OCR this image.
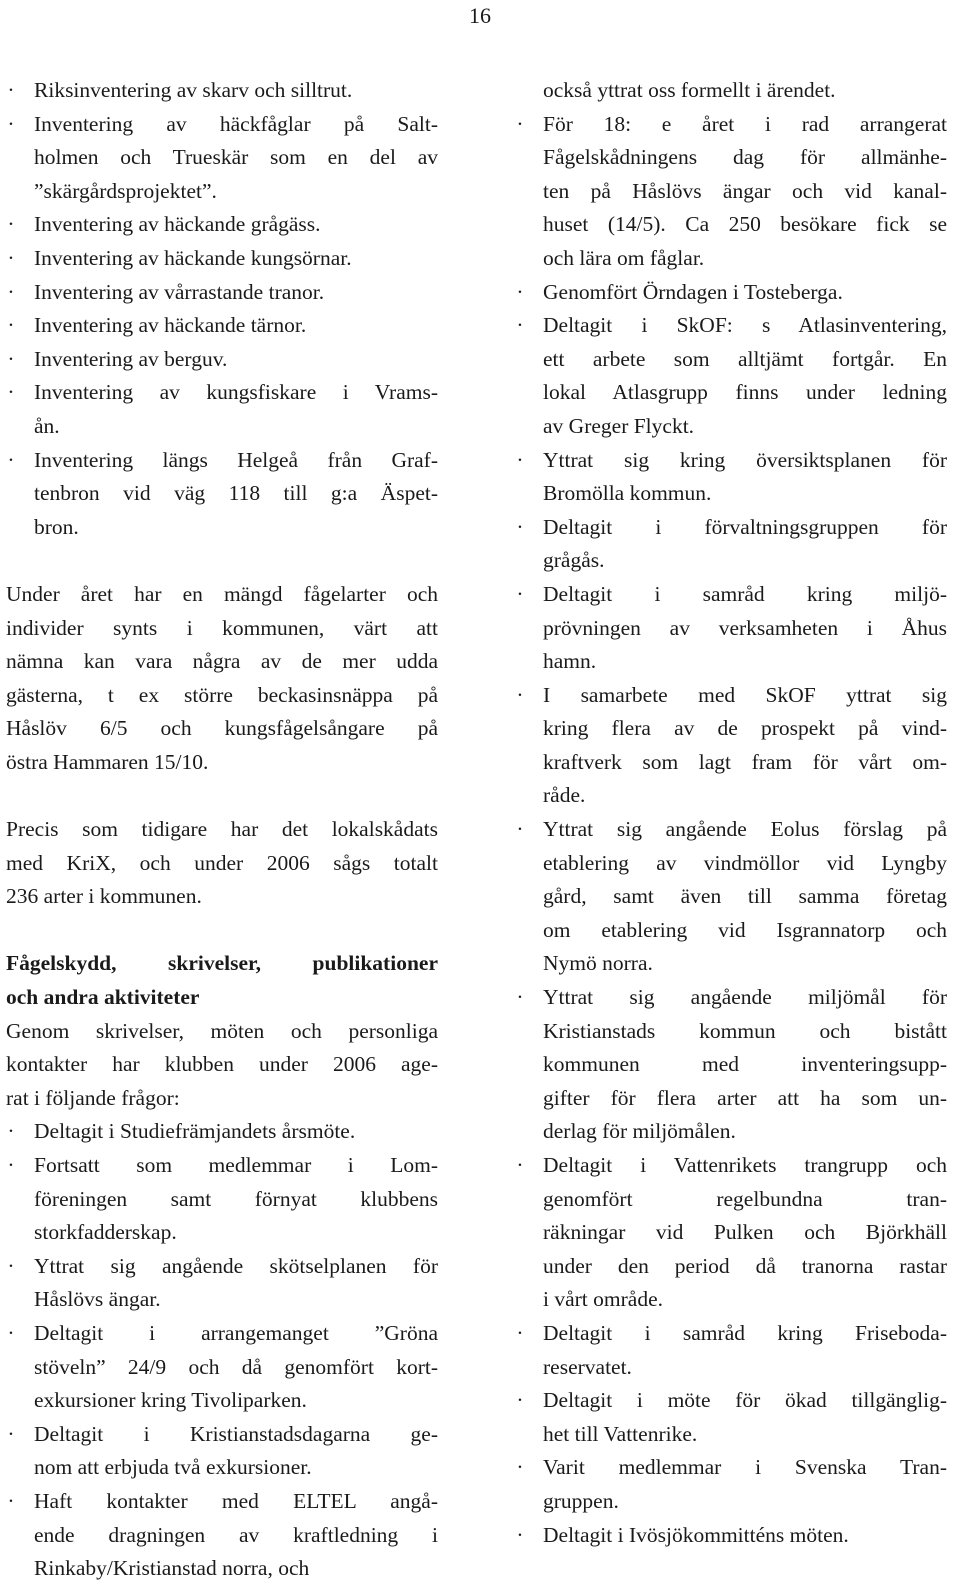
16
· Riksinventering av skarv och silltrut.
· Inventering av häckfåglar på Salt-
holmen och Trueskär som en del av
”skärgårdsprojektet”.
· Inventering av häckande grågäss.
· Inventering av häckande kungsörnar.
· Inventering av vårrastande tranor.
· Inventering av häckande tärnor.
· Inventering av berguv.
· Inventering av kungsfiskare i Vrams-
ån.
· Inventering längs Helgeå från Graf-
tenbron vid väg 118 till g:a Äspet-
bron.
Under året har en mängd fågelarter och
individer synts i kommunen, värt att
nämna kan vara några av de mer udda
gästerna, t ex större beckasinsnäppa på
Håslöv 6/5 och kungsfågelsångare på
östra Hammaren 15/10.
Precis som tidigare har det lokalskådats
med KriX, och under 2006 sågs totalt
236 arter i kommunen.
Fågelskydd, skrivelser, publikationer
och andra aktiviteter
Genom skrivelser, möten och personliga
kontakter har klubben under 2006 age-
rat i följande frågor:
· Deltagit i Studiefrämjandets årsmöte.
· Fortsatt som medlemmar i Lom-
föreningen samt förnyat klubbens
storkfadderskap.
· Yttrat sig angående skötselplanen för
Håslövs ängar.
· Deltagit i arrangemanget ”Gröna
stöveln” 24/9 och då genomfört kort-
exkursioner kring Tivoliparken.
· Deltagit i Kristianstadsdagarna ge-
nom att erbjuda två exkursioner.
· Haft kontakter med ELTEL angå-
ende dragningen av kraftledning i
Rinkaby/Kristianstad norra, och
också yttrat oss formellt i ärendet.
· För 18: e året i rad arrangerat
Fågelskådningens dag för allmänhe-
ten på Håslövs ängar och vid kanal-
huset (14/5). Ca 250 besökare fick se
och lära om fåglar.
· Genomfört Örndagen i Tosteberga.
· Deltagit i SkOF: s Atlasinventering,
ett arbete som alltjämt fortgår. En
lokal Atlasgrupp finns under ledning
av Greger Flyckt.
· Yttrat sig kring översiktsplanen för
Bromölla kommun.
· Deltagit i förvaltningsgruppen för
grågås.
· Deltagit i samråd kring miljö-
prövningen av verksamheten i Åhus
hamn.
· I samarbete med SkOF yttrat sig
kring flera av de prospekt på vind-
kraftverk som lagt fram för vårt om-
råde.
· Yttrat sig angående Eolus förslag på
etablering av vindmöllor vid Lyngby
gård, samt även till samma företag
om etablering vid Isgrannatorp och
Nymö norra.
· Yttrat sig angående miljömål för
Kristianstads kommun och bistått
kommunen med inventeringsupp-
gifter för flera arter att ha som un-
derlag för miljömålen.
· Deltagit i Vattenrikets trangrupp och
genomfört regelbundna tran-
räkningar vid Pulken och Björkhäll
under den period då tranorna rastar
i vårt område.
· Deltagit i samråd kring Friseboda-
reservatet.
· Deltagit i möte för ökad tillgänglig-
het till Vattenrike.
· Varit medlemmar i Svenska Tran-
gruppen.
· Deltagit i Ivösjökommitténs möten.
